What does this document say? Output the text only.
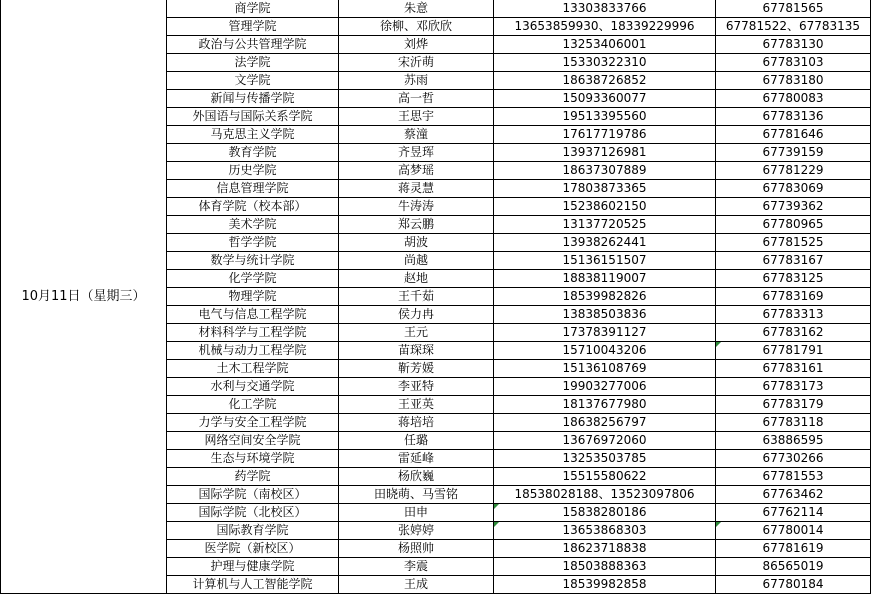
10月11日（星期三）	商学院	朱意	13303833766	67781565
	管理学院	徐柳、邓欣欣	13653859930、18339229996	67781522、67783135
	政治与公共管理学院	刘烨	13253406001	67783130
	法学院	宋沂萌	15330322310	67783103
	文学院	苏雨	18638726852	67783180
	新闻与传播学院	高一哲	15093360077	67780083
	外国语与国际关系学院	王思宇	19513395560	67783136
	马克思主义学院	蔡潼	17617719786	67781646
	教育学院	齐昱珲	13937126981	67739159
	历史学院	高梦瑶	18637307889	67781229
	信息管理学院	蒋灵慧	17803873365	67783069
	体育学院（校本部）	牛涛涛	15238602150	67739362
	美术学院	郑云鹏	13137720525	67780965
	哲学学院	胡波	13938262441	67781525
	数学与统计学院	尚越	15136151507	67783167
	化学学院	赵地	18838119007	67783125
	物理学院	王千茹	18539982826	67783169
	电气与信息工程学院	侯力冉	13838503836	67783313
	材料科学与工程学院	王元	17378391127	67783162
	机械与动力工程学院	苗琛琛	15710043206	67781791
	土木工程学院	靳芳媛	15136108769	67783161
	水利与交通学院	李亚特	19903277006	67783173
	化工学院	王亚英	18137677980	67783179
	力学与安全工程学院	蒋培培	18638256797	67783118
	网络空间安全学院	任璐	13676972060	63886595
	生态与环境学院	雷延峰	13253503785	67730266
	药学院	杨欣巍	15515580622	67781553
	国际学院（南校区）	田晓萌、马雪铭	18538028188、13523097806	67763462
	国际学院（北校区）	田申	15838280186	67762114
	国际教育学院	张婷婷	13653868303	67780014
	医学院（新校区）	杨照帅	18623718838	67781619
	护理与健康学院	李震	18503888363	86565019
	计算机与人工智能学院	王成	18539982858	67780184
